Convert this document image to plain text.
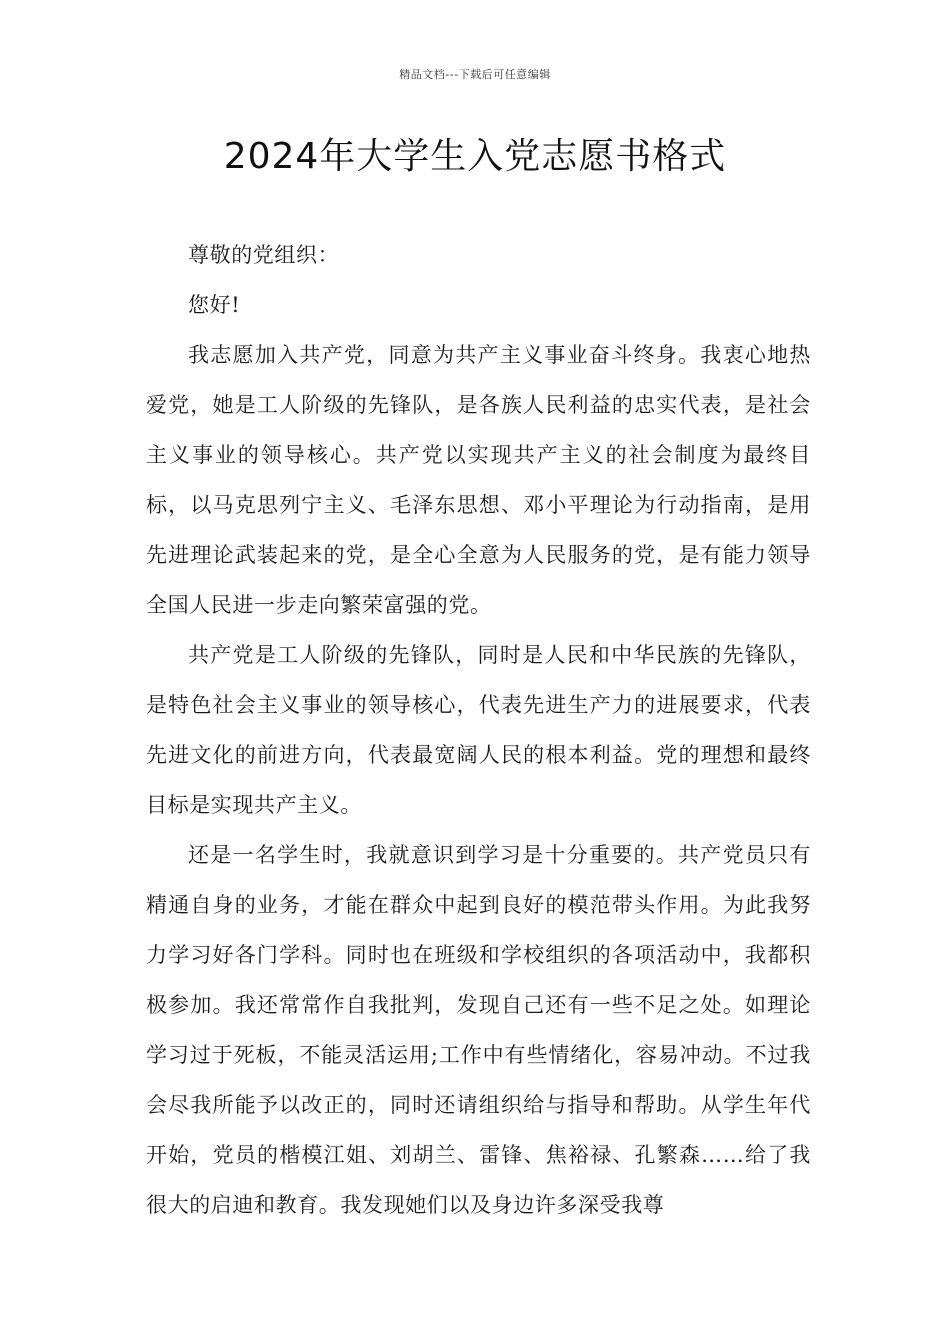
精品文档---下载后可任意编辑
2024年大学生入党志愿书格式

尊敬的党组织：

您好!

我志愿加入共产党，同意为共产主义事业奋斗终身。我衷心地热爱党，她是工人阶级的先锋队，是各族人民利益的忠实代表，是社会主义事业的领导核心。共产党以实现共产主义的社会制度为最终目标，以马克思列宁主义、毛泽东思想、邓小平理论为行动指南，是用先进理论武装起来的党，是全心全意为人民服务的党，是有能力领导全国人民进一步走向繁荣富强的党。

共产党是工人阶级的先锋队，同时是人民和中华民族的先锋队，是特色社会主义事业的领导核心，代表先进生产力的进展要求，代表先进文化的前进方向，代表最宽阔人民的根本利益。党的理想和最终目标是实现共产主义。

还是一名学生时，我就意识到学习是十分重要的。共产党员只有精通自身的业务，才能在群众中起到良好的模范带头作用。为此我努力学习好各门学科。同时也在班级和学校组织的各项活动中，我都积极参加。我还常常作自我批判，发现自己还有一些不足之处。如理论学习过于死板，不能灵活运用;工作中有些情绪化，容易冲动。不过我会尽我所能予以改正的，同时还请组织给与指导和帮助。从学生年代开始，党员的楷模江姐、刘胡兰、雷锋、焦裕禄、孔繁森……给了我很大的启迪和教育。我发现她们以及身边许多深受我尊
